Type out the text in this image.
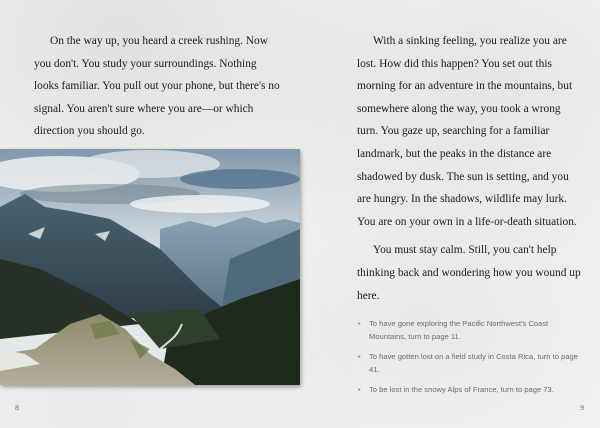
On the way up, you heard a creek rushing. Now you don't. You study your surroundings. Nothing looks familiar. You pull out your phone, but there's no signal. You aren't sure where you are—or which direction you should go.

8

With a sinking feeling, you realize you are lost. How did this happen? You set out this morning for an adventure in the mountains, but somewhere along the way, you took a wrong turn. You gaze up, searching for a familiar landmark, but the peaks in the distance are shadowed by dusk. The sun is setting, and you are hungry. In the shadows, wildlife may lurk. You are on your own in a life-or-death situation.

You must stay calm. Still, you can't help thinking back and wondering how you wound up here.

• To have gone exploring the Pacific Northwest's Coast Mountains, turn to page 11.
• To have gotten lost on a field study in Costa Rica, turn to page 41.
• To be lost in the snowy Alps of France, turn to page 73.
9
